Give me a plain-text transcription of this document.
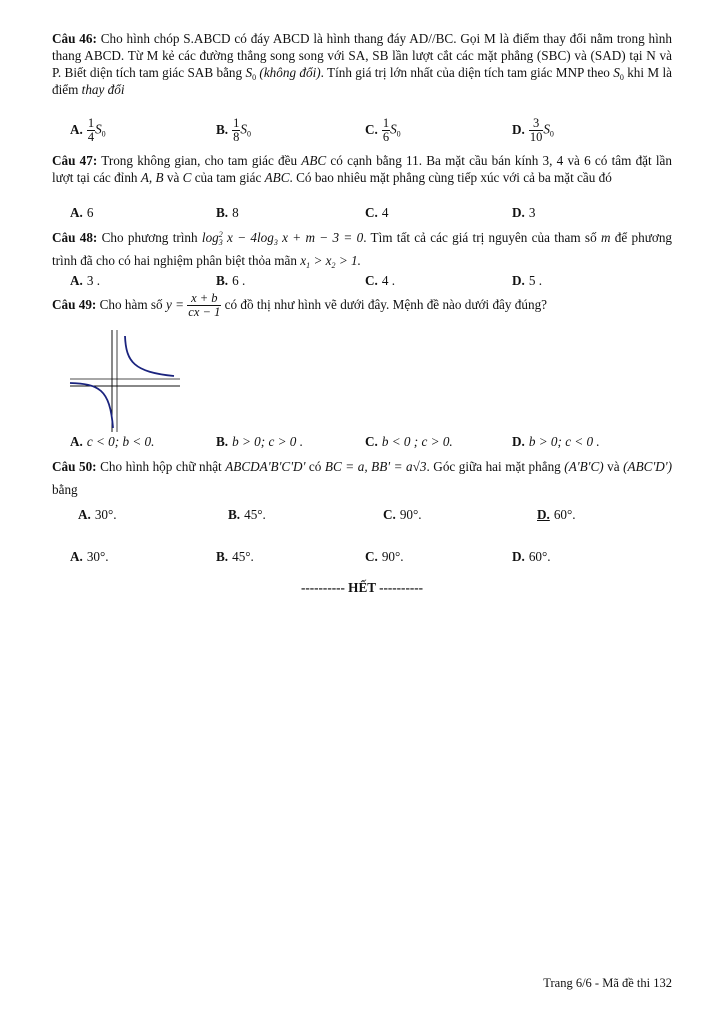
Câu 46: Cho hình chóp S.ABCD có đáy ABCD là hình thang đáy AD//BC. Gọi M là điểm thay đổi nằm trong hình thang ABCD. Từ M kẻ các đường thẳng song song với SA, SB lần lượt cắt các mặt phẳng (SBC) và (SAD) tại N và P. Biết diện tích tam giác SAB bằng $S_0$ (không đổi). Tính giá trị lớn nhất của diện tích tam giác MNP theo $S_0$ khi M là điểm thay đổi

A. $\frac{1}{4} S_0$	B. $\frac{1}{8} S_0$	C. $\frac{1}{6} S_0$	D. $\frac{3}{10} S_0$

Câu 47: Trong không gian, cho tam giác đều ABC có cạnh bằng 11. Ba mặt cầu bán kính 3, 4 và 6 có tâm đặt lần lượt tại các đỉnh A, B và C của tam giác ABC. Có bao nhiêu mặt phẳng cùng tiếp xúc với cả ba mặt cầu đó

A. 6	B. 8	C. 4	D. 3

Câu 48: Cho phương trình log 2
3 $x - 4\log_3$ x + m − 3 = 0. Tìm tất cả các giá trị nguyên của tham số m để phương trình đã cho có hai nghiệm phân biệt thỏa mãn $x_1 > x_2 > 1$.

A. 3 .	B. 6 .	C. 4 .	D. 5 .

Câu 49: Cho hàm số $y = \frac{x + b}{cx - 1}$ có đồ thị như hình vẽ dưới đây. Mệnh đề nào dưới đây đúng?

A. c < 0; b < 0.	B. b > 0; c > 0 .	C. b < 0 ; c > 0.	D. b > 0; c < 0 .

Câu 50: Cho hình hộp chữ nhật ABCDA'B'C'D' có BC = a, BB' = a√3. Góc giữa hai mặt phẳng (A'B'C) và (ABC'D') bằng

A. 30°.	B. 45°.	C. 90°.	D. 60°.
A. 30°.	B. 45°.	C. 90°.	D. 60°.
---------- HẾT ----------
Trang 6/6 - Mã đề thi 132
